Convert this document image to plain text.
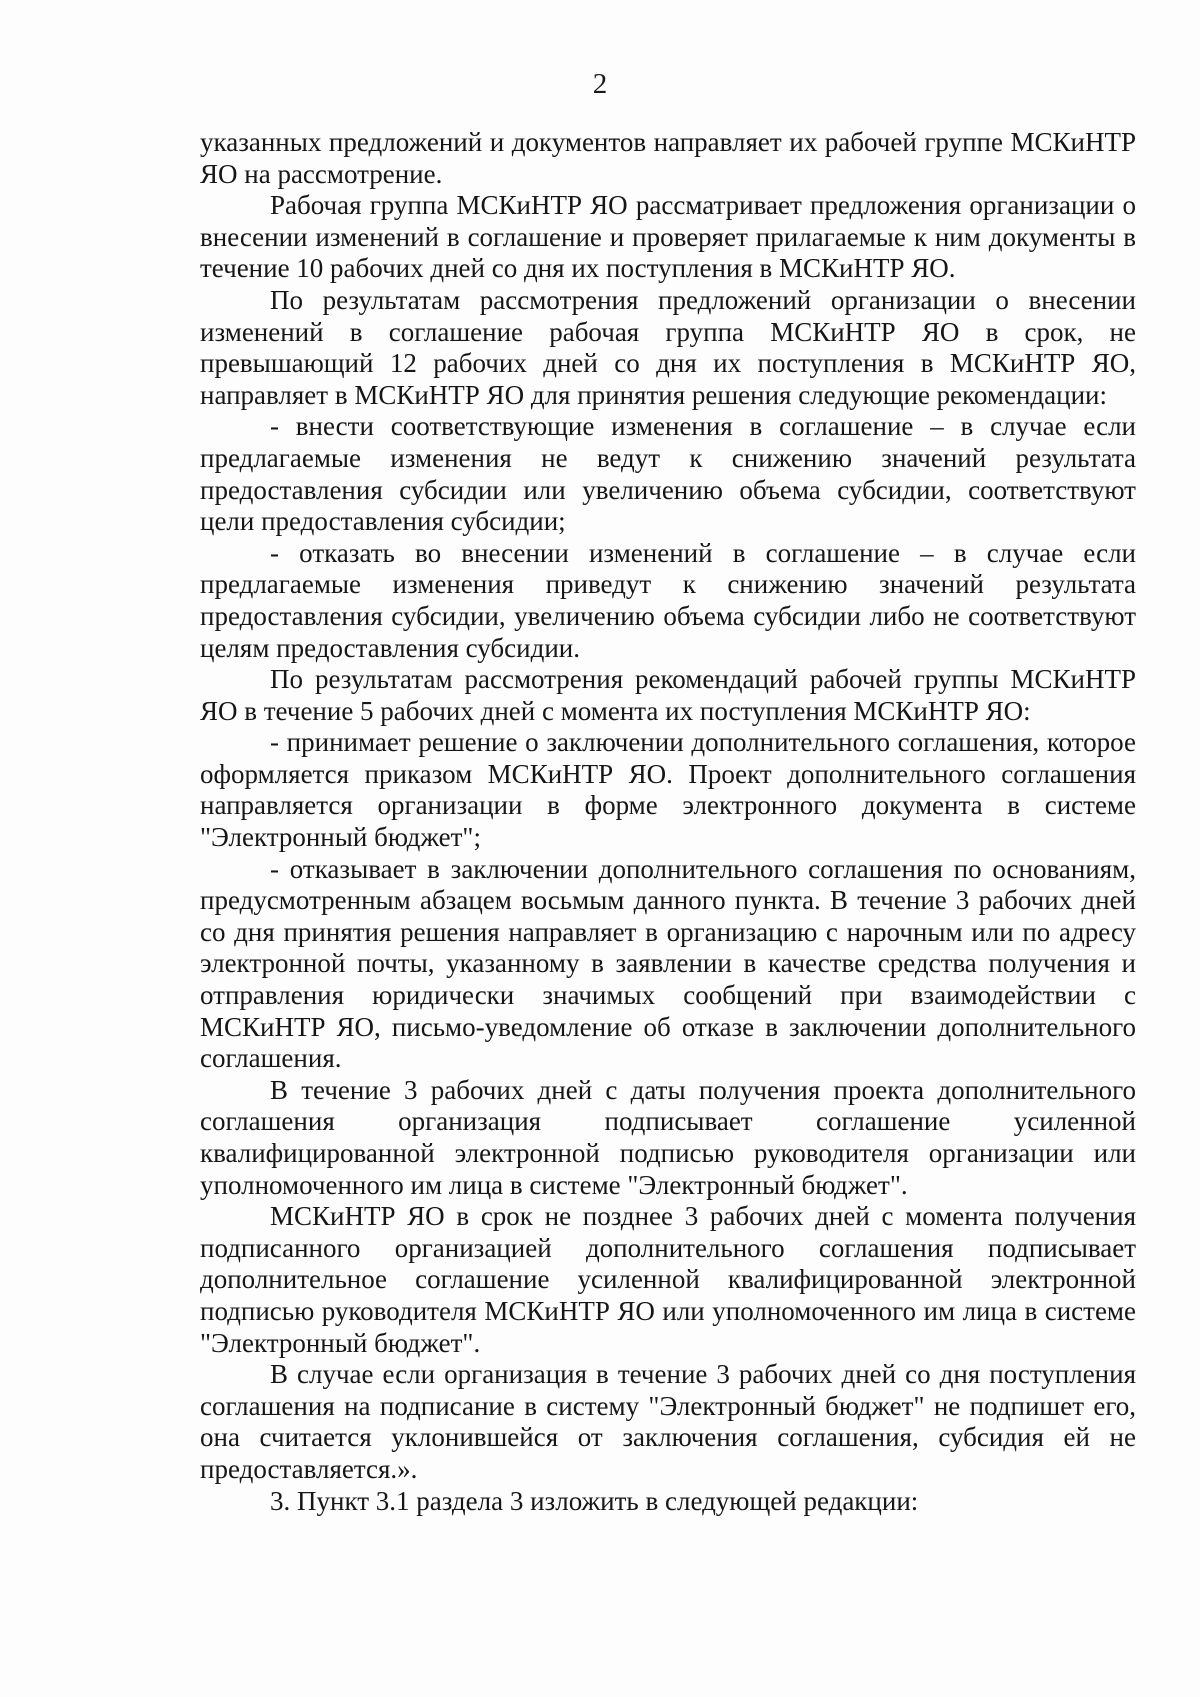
2

указанных предложений и документов направляет их рабочей группе МСКиНТР ЯО на рассмотрение.

Рабочая группа МСКиНТР ЯО рассматривает предложения организации о внесении изменений в соглашение и проверяет прилагаемые к ним документы в течение 10 рабочих дней со дня их поступления в МСКиНТР ЯО.

По результатам рассмотрения предложений организации о внесении изменений в соглашение рабочая группа МСКиНТР ЯО в срок, не превышающий 12 рабочих дней со дня их поступления в МСКиНТР ЯО, направляет в МСКиНТР ЯО для принятия решения следующие рекомендации:

- внести соответствующие изменения в соглашение – в случае если предлагаемые изменения не ведут к снижению значений результата предоставления субсидии или увеличению объема субсидии, соответствуют цели предоставления субсидии;

- отказать во внесении изменений в соглашение – в случае если предлагаемые изменения приведут к снижению значений результата предоставления субсидии, увеличению объема субсидии либо не соответствуют целям предоставления субсидии.

По результатам рассмотрения рекомендаций рабочей группы МСКиНТР ЯО в течение 5 рабочих дней с момента их поступления МСКиНТР ЯО:

- принимает решение о заключении дополнительного соглашения, которое оформляется приказом МСКиНТР ЯО. Проект дополнительного соглашения направляется организации в форме электронного документа в системе "Электронный бюджет";

- отказывает в заключении дополнительного соглашения по основаниям, предусмотренным абзацем восьмым данного пункта. В течение 3 рабочих дней со дня принятия решения направляет в организацию с нарочным или по адресу электронной почты, указанному в заявлении в качестве средства получения и отправления юридически значимых сообщений при взаимодействии с МСКиНТР ЯО, письмо-уведомление об отказе в заключении дополнительного соглашения.

В течение 3 рабочих дней с даты получения проекта дополнительного соглашения организация подписывает соглашение усиленной квалифицированной электронной подписью руководителя организации или уполномоченного им лица в системе "Электронный бюджет".

МСКиНТР ЯО в срок не позднее 3 рабочих дней с момента получения подписанного организацией дополнительного соглашения подписывает дополнительное соглашение усиленной квалифицированной электронной подписью руководителя МСКиНТР ЯО или уполномоченного им лица в системе "Электронный бюджет".

В случае если организация в течение 3 рабочих дней со дня поступления соглашения на подписание в систему "Электронный бюджет" не подпишет его, она считается уклонившейся от заключения соглашения, субсидия ей не предоставляется.».

3. Пункт 3.1 раздела 3 изложить в следующей редакции:
